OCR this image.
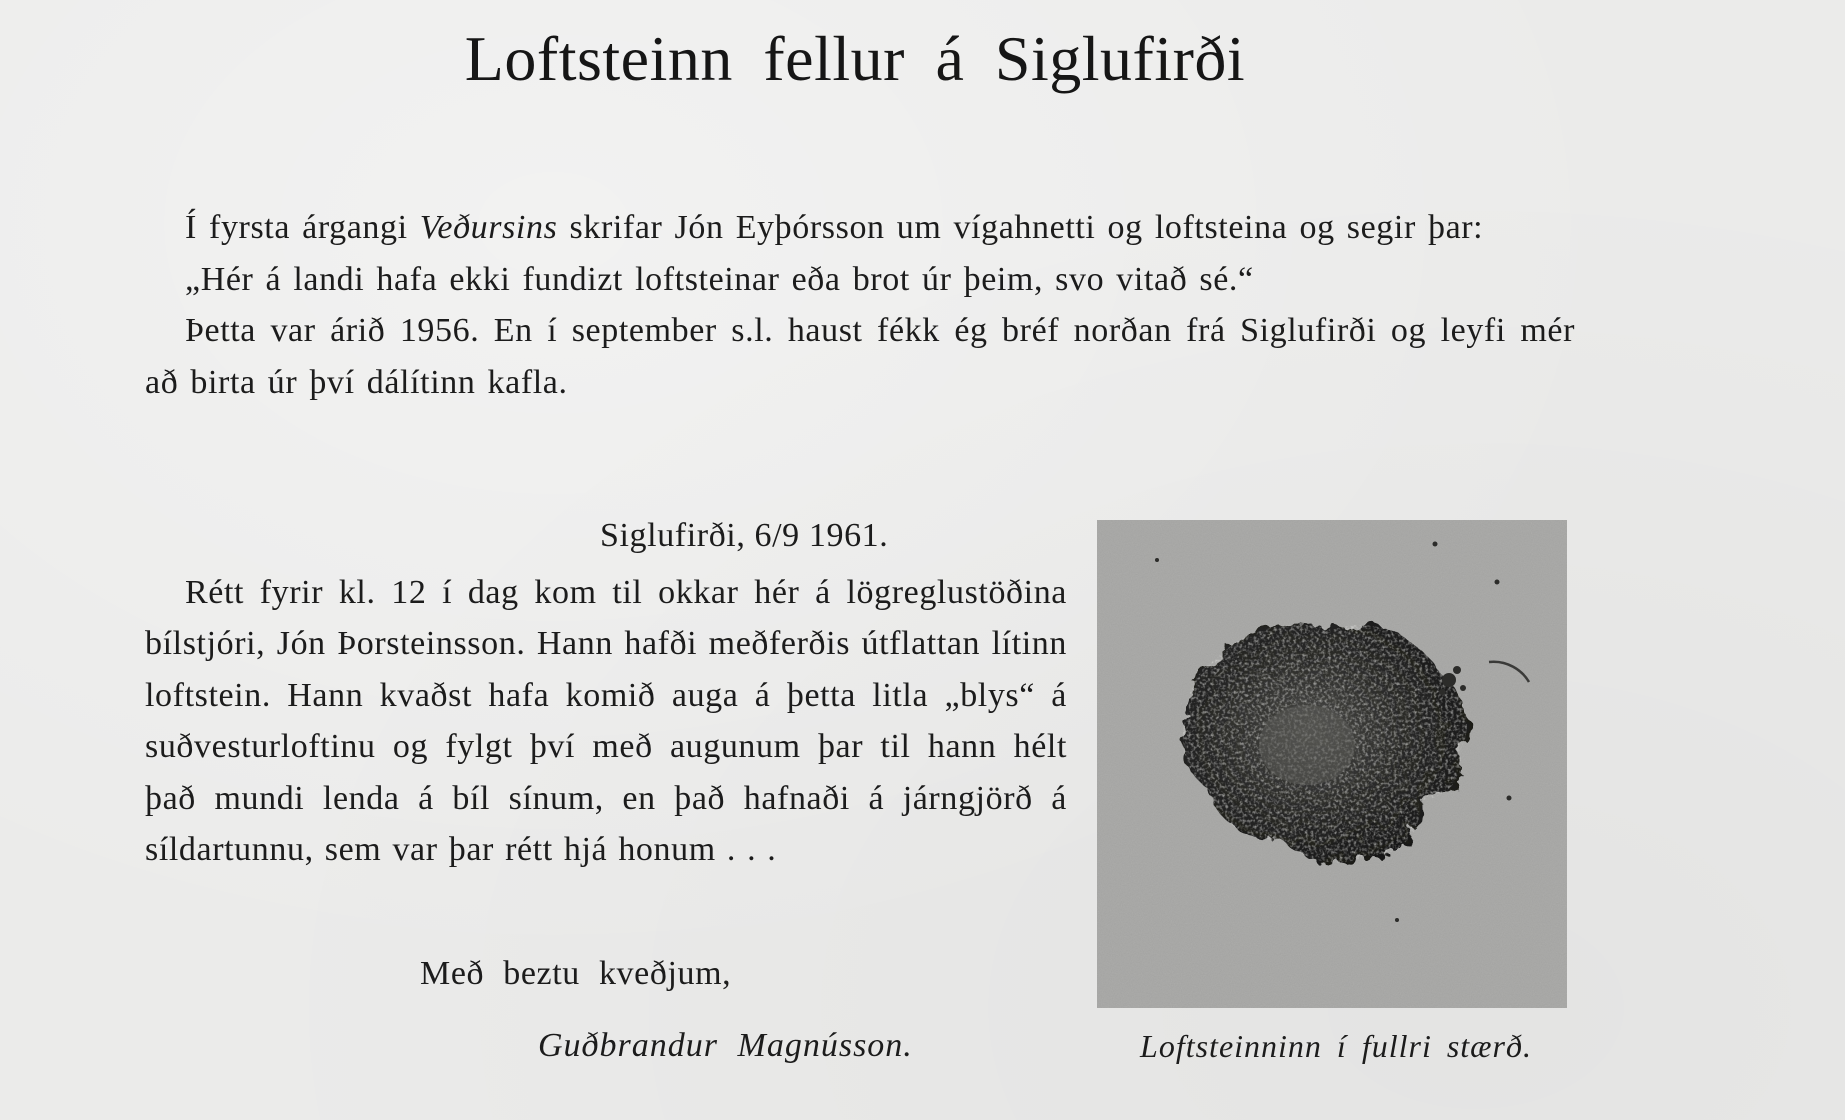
Loftsteinn fellur á Siglufirði

Í fyrsta árgangi Veðursins skrifar Jón Eyþórsson um vígahnetti og loftsteina og segir þar:

„Hér á landi hafa ekki fundizt loftsteinar eða brot úr þeim, svo vitað sé.“

Þetta var árið 1956. En í september s.l. haust fékk ég bréf norðan frá Siglufirði og leyfi mér að birta úr því dálítinn kafla.

Siglufirði, 6/9 1961.

Rétt fyrir kl. 12 í dag kom til okkar hér á lögreglustöðina bílstjóri, Jón Þorsteinsson. Hann hafði meðferðis útflattan lítinn loftstein. Hann kvaðst hafa komið auga á þetta litla „blys“ á suðvesturloftinu og fylgt því með augunum þar til hann hélt það mundi lenda á bíl sínum, en það hafnaði á járngjörð á síldartunnu, sem var þar rétt hjá honum . . .

Með beztu kveðjum,
Guðbrandur Magnússon.	Loftsteinninn í fullri stærð.
